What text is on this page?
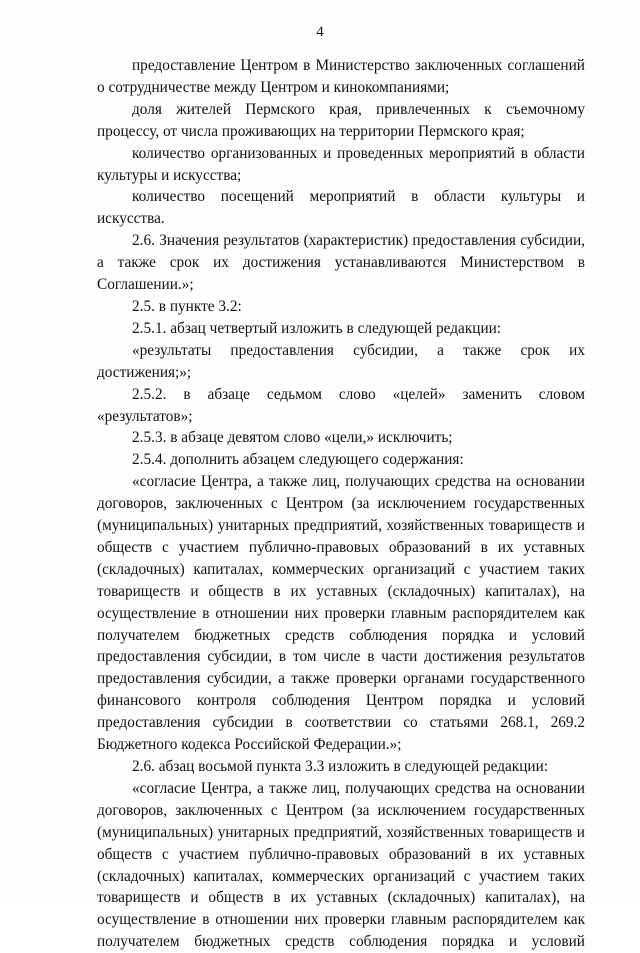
4

предоставление Центром в Министерство заключенных соглашений о сотрудничестве между Центром и кинокомпаниями;

доля жителей Пермского края, привлеченных к съемочному процессу, от числа проживающих на территории Пермского края;

количество организованных и проведенных мероприятий в области культуры и искусства;

количество посещений мероприятий в области культуры и искусства.

2.6. Значения результатов (характеристик) предоставления субсидии, а также срок их достижения устанавливаются Министерством в Соглашении.»;

2.5. в пункте 3.2:

2.5.1. абзац четвертый изложить в следующей редакции:

«результаты предоставления субсидии, а также срок их достижения;»;

2.5.2. в абзаце седьмом слово «целей» заменить словом «результатов»;

2.5.3. в абзаце девятом слово «цели,» исключить;

2.5.4. дополнить абзацем следующего содержания:

«согласие Центра, а также лиц, получающих средства на основании договоров, заключенных с Центром (за исключением государственных (муниципальных) унитарных предприятий, хозяйственных товариществ и обществ с участием публично-правовых образований в их уставных (складочных) капиталах, коммерческих организаций с участием таких товариществ и обществ в их уставных (складочных) капиталах), на осуществление в отношении них проверки главным распорядителем как получателем бюджетных средств соблюдения порядка и условий предоставления субсидии, в том числе в части достижения результатов предоставления субсидии, а также проверки органами государственного финансового контроля соблюдения Центром порядка и условий предоставления субсидии в соответствии со статьями 268.1, 269.2 Бюджетного кодекса Российской Федерации.»;

2.6. абзац восьмой пункта 3.3 изложить в следующей редакции:

«согласие Центра, а также лиц, получающих средства на основании договоров, заключенных с Центром (за исключением государственных (муниципальных) унитарных предприятий, хозяйственных товариществ и обществ с участием публично-правовых образований в их уставных (складочных) капиталах, коммерческих организаций с участием таких товариществ и обществ в их уставных (складочных) капиталах), на осуществление в отношении них проверки главным распорядителем как получателем бюджетных средств соблюдения порядка и условий
